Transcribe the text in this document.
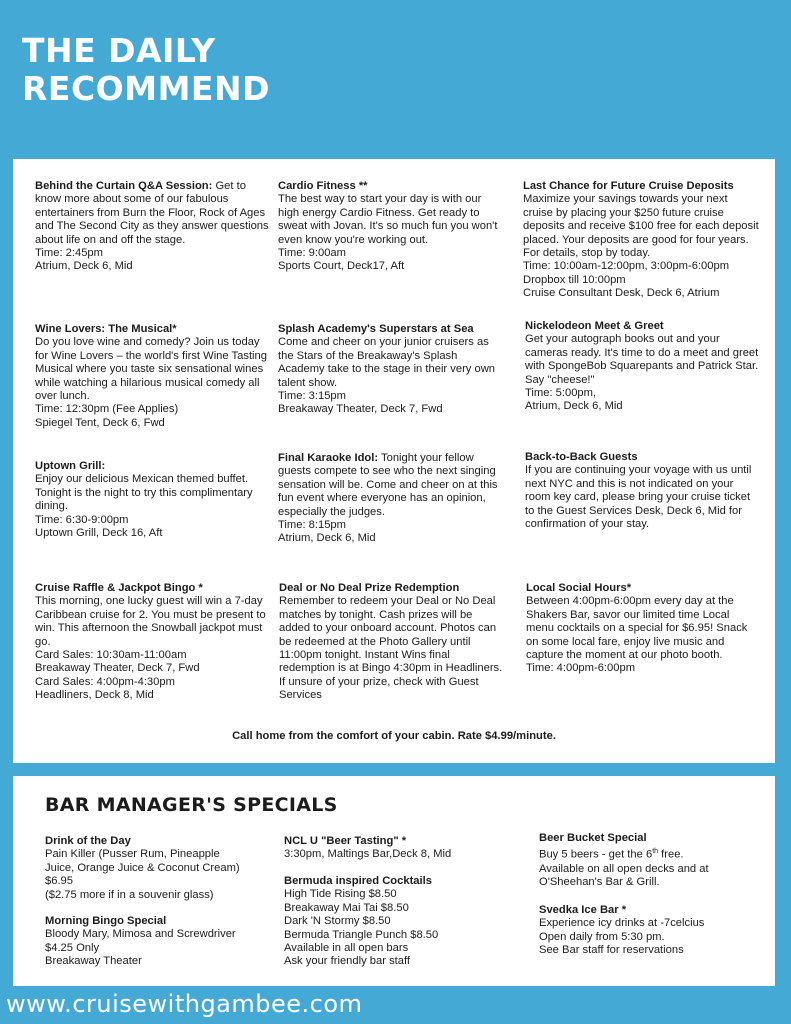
THE DAILY
RECOMMEND
Behind the Curtain Q&A Session: Get to know more about some of our fabulous entertainers from Burn the Floor, Rock of Ages and The Second City as they answer questions about life on and off the stage.
Time: 2:45pm
Atrium, Deck 6, Mid
Cardio Fitness **
The best way to start your day is with our high energy Cardio Fitness. Get ready to sweat with Jovan. It's so much fun you won't even know you're working out.
Time: 9:00am
Sports Court, Deck17, Aft
Last Chance for Future Cruise Deposits
Maximize your savings towards your next cruise by placing your $250 future cruise deposits and receive $100 free for each deposit placed. Your deposits are good for four years. For details, stop by today.
Time: 10:00am-12:00pm, 3:00pm-6:00pm
Dropbox till 10:00pm
Cruise Consultant Desk, Deck 6, Atrium
Wine Lovers: The Musical*
Do you love wine and comedy? Join us today for Wine Lovers – the world's first Wine Tasting Musical where you taste six sensational wines while watching a hilarious musical comedy all over lunch.
Time: 12:30pm (Fee Applies)
Spiegel Tent, Deck 6, Fwd
Splash Academy's Superstars at Sea
Come and cheer on your junior cruisers as the Stars of the Breakaway's Splash Academy take to the stage in their very own talent show.
Time: 3:15pm
Breakaway Theater, Deck 7, Fwd
Nickelodeon Meet & Greet
Get your autograph books out and your cameras ready. It's time to do a meet and greet with SpongeBob Squarepants and Patrick Star. Say "cheese!"
Time: 5:00pm,
Atrium, Deck 6, Mid
Uptown Grill:
Enjoy our delicious Mexican themed buffet. Tonight is the night to try this complimentary dining.
Time: 6:30-9:00pm
Uptown Grill, Deck 16, Aft
Final Karaoke Idol: Tonight your fellow guests compete to see who the next singing sensation will be. Come and cheer on at this fun event where everyone has an opinion, especially the judges.
Time: 8:15pm
Atrium, Deck 6, Mid
Back-to-Back Guests
If you are continuing your voyage with us until next NYC and this is not indicated on your room key card, please bring your cruise ticket to the Guest Services Desk, Deck 6, Mid for confirmation of your stay.
Cruise Raffle & Jackpot Bingo *
This morning, one lucky guest will win a 7-day Caribbean cruise for 2. You must be present to win. This afternoon the Snowball jackpot must go.
Card Sales: 10:30am-11:00am
Breakaway Theater, Deck 7, Fwd
Card Sales: 4:00pm-4:30pm
Headliners, Deck 8, Mid
Deal or No Deal Prize Redemption
Remember to redeem your Deal or No Deal matches by tonight. Cash prizes will be added to your onboard account. Photos can be redeemed at the Photo Gallery until 11:00pm tonight. Instant Wins final redemption is at Bingo 4:30pm in Headliners. If unsure of your prize, check with Guest Services
Local Social Hours*
Between 4:00pm-6:00pm every day at the Shakers Bar, savor our limited time Local menu cocktails on a special for $6.95! Snack on some local fare, enjoy live music and capture the moment at our photo booth.
Time: 4:00pm-6:00pm
Call home from the comfort of your cabin. Rate $4.99/minute.
BAR MANAGER'S SPECIALS
Drink of the Day
Pain Killer (Pusser Rum, Pineapple
Juice, Orange Juice & Coconut Cream)
$6.95
($2.75 more if in a souvenir glass)
Morning Bingo Special
Bloody Mary, Mimosa and Screwdriver
$4.25 Only
Breakaway Theater
NCL U "Beer Tasting" *
3:30pm, Maltings Bar,Deck 8, Mid
Bermuda inspired Cocktails
High Tide Rising $8.50
Breakaway Mai Tai $8.50
Dark 'N Stormy $8.50
Bermuda Triangle Punch $8.50
Available in all open bars
Ask your friendly bar staff
Beer Bucket Special
Buy 5 beers - get the 6th free.
Available on all open decks and at
O'Sheehan's Bar & Grill.
Svedka Ice Bar *
Experience icy drinks at -7celcius
Open daily from 5:30 pm.
See Bar staff for reservations
www.cruisewithgambee.com
